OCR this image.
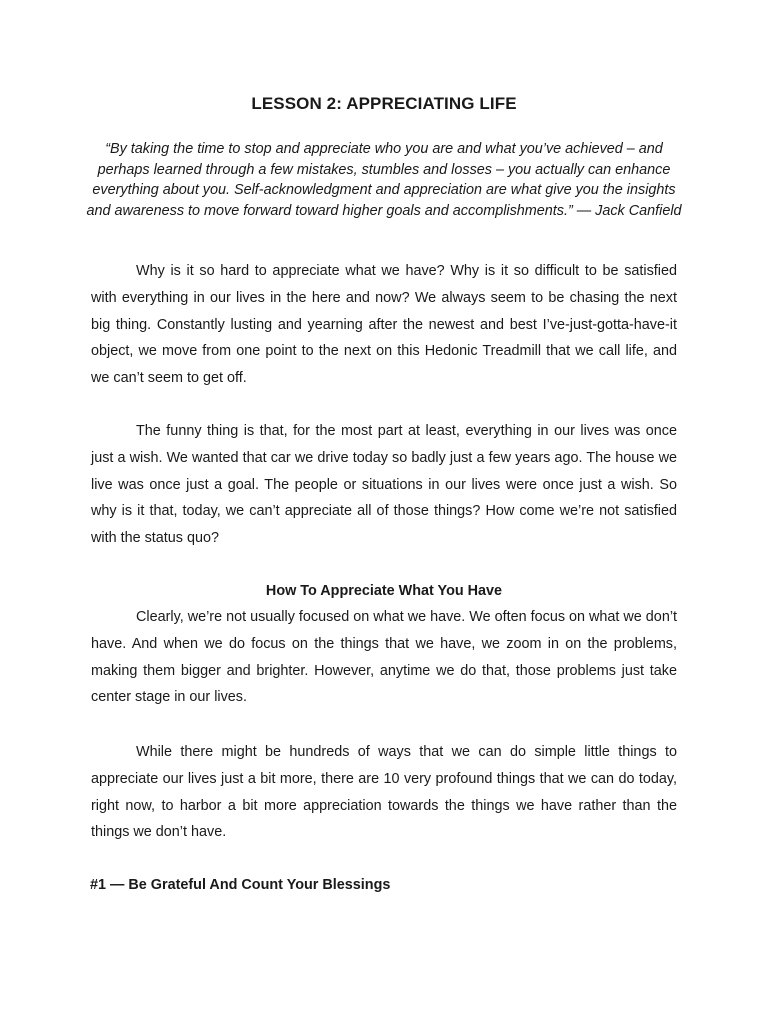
LESSON 2: APPRECIATING LIFE
“By taking the time to stop and appreciate who you are and what you’ve achieved – and perhaps learned through a few mistakes, stumbles and losses – you actually can enhance everything about you. Self-acknowledgment and appreciation are what give you the insights and awareness to move forward toward higher goals and accomplishments.” — Jack Canfield

Why is it so hard to appreciate what we have? Why is it so difficult to be satisfied with everything in our lives in the here and now? We always seem to be chasing the next big thing. Constantly lusting and yearning after the newest and best I’ve-just-gotta-have-it object, we move from one point to the next on this Hedonic Treadmill that we call life, and we can’t seem to get off.

The funny thing is that, for the most part at least, everything in our lives was once just a wish. We wanted that car we drive today so badly just a few years ago. The house we live was once just a goal. The people or situations in our lives were once just a wish. So why is it that, today, we can’t appreciate all of those things? How come we’re not satisfied with the status quo?

How To Appreciate What You Have

Clearly, we’re not usually focused on what we have. We often focus on what we don’t have. And when we do focus on the things that we have, we zoom in on the problems, making them bigger and brighter. However, anytime we do that, those problems just take center stage in our lives.

While there might be hundreds of ways that we can do simple little things to appreciate our lives just a bit more, there are 10 very profound things that we can do today, right now, to harbor a bit more appreciation towards the things we have rather than the things we don’t have.

#1 — Be Grateful And Count Your Blessings
